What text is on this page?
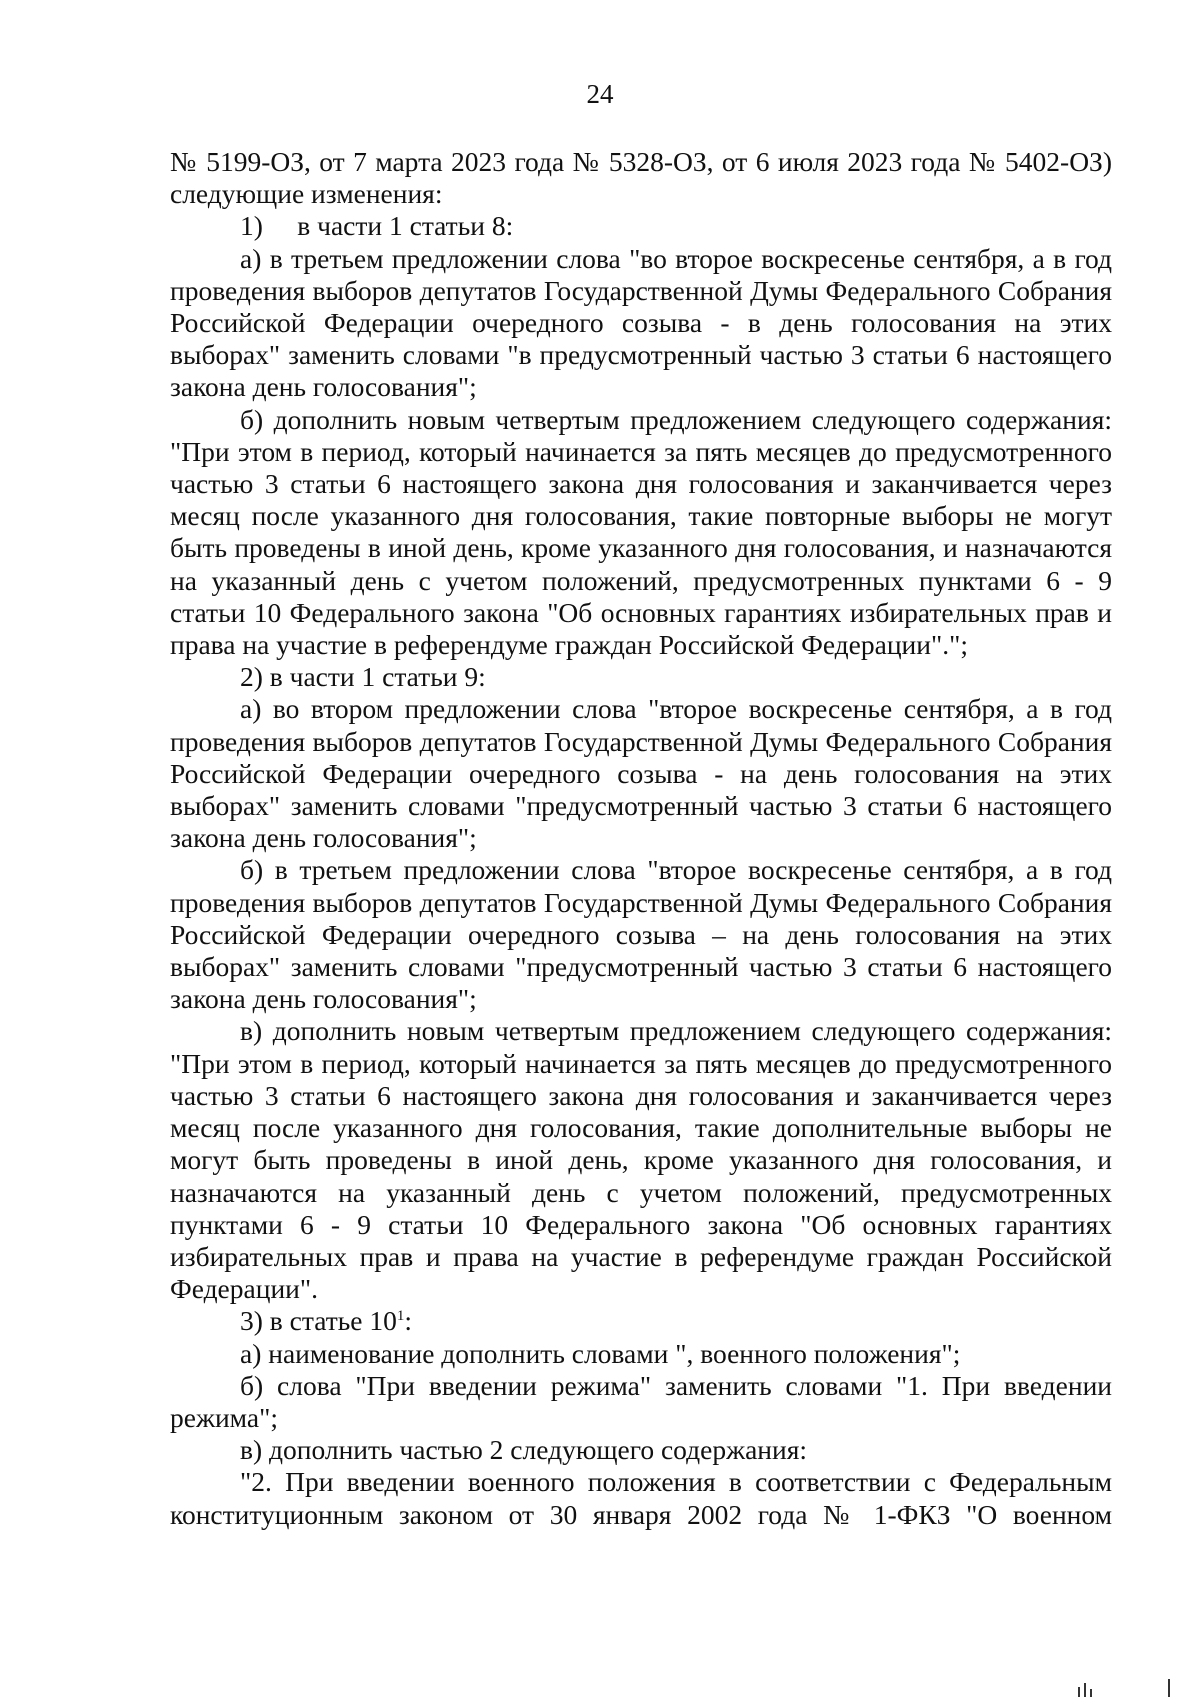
24

№ 5199-ОЗ, от 7 марта 2023 года № 5328-ОЗ, от 6 июля 2023 года № 5402-ОЗ) следующие изменения:

1)  в части 1 статьи 8:

а) в третьем предложении слова "во второе воскресенье сентября, а в год проведения выборов депутатов Государственной Думы Федерального Собрания Российской Федерации очередного созыва - в день голосования на этих выборах" заменить словами "в предусмотренный частью 3 статьи 6 настоящего закона день голосования";

б) дополнить новым четвертым предложением следующего содержания: "При этом в период, который начинается за пять месяцев до предусмотренного частью 3 статьи 6 настоящего закона дня голосования и заканчивается через месяц после указанного дня голосования, такие повторные выборы не могут быть проведены в иной день, кроме указанного дня голосования, и назначаются на указанный день с учетом положений, предусмотренных пунктами 6 - 9 статьи 10 Федерального закона "Об основных гарантиях избирательных прав и права на участие в референдуме граждан Российской Федерации".";

2) в части 1 статьи 9:

а) во втором предложении слова "второе воскресенье сентября, а в год проведения выборов депутатов Государственной Думы Федерального Собрания Российской Федерации очередного созыва - на день голосования на этих выборах" заменить словами "предусмотренный частью 3 статьи 6 настоящего закона день голосования";

б) в третьем предложении слова "второе воскресенье сентября, а в год проведения выборов депутатов Государственной Думы Федерального Собрания Российской Федерации очередного созыва – на день голосования на этих выборах" заменить словами "предусмотренный частью 3 статьи 6 настоящего закона день голосования";

в) дополнить новым четвертым предложением следующего содержания: "При этом в период, который начинается за пять месяцев до предусмотренного частью 3 статьи 6 настоящего закона дня голосования и заканчивается через месяц после указанного дня голосования, такие дополнительные выборы не могут быть проведены в иной день, кроме указанного дня голосования, и назначаются на указанный день с учетом положений, предусмотренных пунктами 6 - 9 статьи 10 Федерального закона "Об основных гарантиях избирательных прав и права на участие в референдуме граждан Российской Федерации".

3) в статье $10^1$:

а) наименование дополнить словами ", военного положения";

б) слова "При введении режима" заменить словами "1. При введении режима";

в) дополнить частью 2 следующего содержания:

"2. При введении военного положения в соответствии с Федеральным конституционным законом от 30 января 2002 года № 1-ФКЗ "О военном
